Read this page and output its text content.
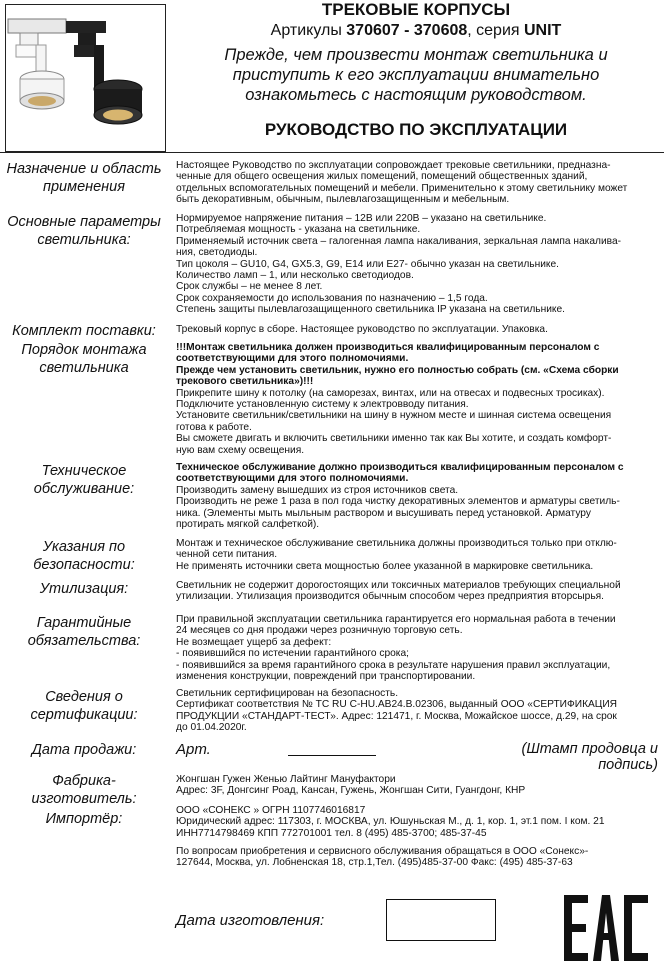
ТРЕКОВЫЕ КОРПУСЫ
Артикулы 370607 - 370608, серия UNIT
Прежде, чем произвести монтаж светильника и приступить к его эксплуатации внимательно ознакомьтесь с настоящим руководством.
РУКОВОДСТВО ПО ЭКСПЛУАТАЦИИ
Назначение и область применения

Настоящее Руководство по эксплуатации сопровождает трековые светильники, предназна-

ченные для общего освещения жилых помещений, помещений общественных зданий,

отдельных вспомогательных помещений и мебели. Применительно к этому светильнику может

быть декоративным, обычным, пылевлагозащищенным и мебельным.

Основные параметры светильника:

Нормируемое напряжение питания – 12В или 220В – указано на светильнике.

Потребляемая мощность - указана на светильнике.

Применяемый источник света – галогенная лампа накаливания, зеркальная лампа накалива-

ния, светодиоды.

Тип цоколя – GU10, G4, GX5.3, G9, E14 или E27- обычно указан на светильнике.

Количество ламп – 1, или несколько светодиодов.

Срок службы – не менее 8 лет.

Срок сохраняемости до использования по назначению – 1,5 года.

Степень защиты пылевлагозащищенного светильника IP указана на светильнике.

Комплект поставки:	Трековый корпус в сборе. Настоящее руководство по эксплуатации. Упаковка.
Порядок монтажа светильника

!!!Монтаж светильника должен производиться квалифицированным персоналом с

соответствующими для этого полномочиями.

Прежде чем установить светильник, нужно его полностью собрать (см. «Схема сборки

трекового светильника»)!!!

Прикрепите шину к потолку (на саморезах, винтах, или на отвесах и подвесных тросиках).

Подключите установленную систему к электровводу питания.

Установите светильник/светильники на шину в нужном месте и шинная система освещения

готова к работе.

Вы сможете двигать и включить светильники именно так как Вы хотите, и создать комфорт-

ную вам схему освещения.

Техническое обслуживание:

Техническое обслуживание должно производиться квалифицированным персоналом с

соответствующими для этого полномочиями.

Производить замену вышедших из строя источников света.

Производить не реже 1 раза в пол года чистку декоративных элементов и арматуры светиль-

ника. (Элементы мыть мыльным раствором и высушивать перед установкой. Арматуру

протирать мягкой салфеткой).

Указания по безопасности:

Монтаж и техническое обслуживание светильника должны производиться только при отклю-

ченной сети питания.

Не применять источники света мощностью более указанной в маркировке светильника.

Утилизация:	Светильник не содержит дорогостоящих или токсичных материалов требующих специальной

утилизации. Утилизация производится обычным способом через предприятия вторсырья.

Гарантийные обязательства:

При правильной эксплуатации светильника гарантируется его нормальная работа в течении

24 месяцев со дня продажи через розничную торговую сеть.

Не возмещает ущерб за дефект:

- появившийся по истечении гарантийного срока;

- появившийся за время гарантийного срока в результате нарушения правил эксплуатации,

изменения конструкции, повреждений при транспортировании.

Сведения о сертификации:

Светильник сертифицирован на безопасность.

Сертификат соответствия № ТС RU C-HU.АВ24.В.02306, выданный ООО «СЕРТИФИКАЦИЯ

ПРОДУКЦИИ «СТАНДАРТ-ТЕСТ». Адрес: 121471, г. Москва, Можайское шоссе, д.29, на срок

до 01.04.2020г.

Дата продажи:	Арт.	(Штамп продовца и подпись)
Фабрика-изготовитель:

Жонгшан Гужен Женью Лайтинг Мануфактори

Адрес: 3F, Донгсинг Роад, Кансан, Гужень, Жонгшан Сити, Гуангдонг, КНР

Импортёр:

ООО «СОНЕКС » ОГРН 1107746016817

Юридический адрес: 117303, г. МОСКВА, ул. Юшуньская М., д. 1, кор. 1, эт.1 пом. I ком. 21

ИНН7714798469 КПП 772701001 тел. 8 (495) 485-3700; 485-37-45

По вопросам приобретения и сервисного обслуживания обращаться в ООО «Сонекс»-

127644, Москва, ул. Лобненская 18, стр.1,Тел. (495)485-37-00 Факс: (495) 485-37-63

Дата изготовления:
